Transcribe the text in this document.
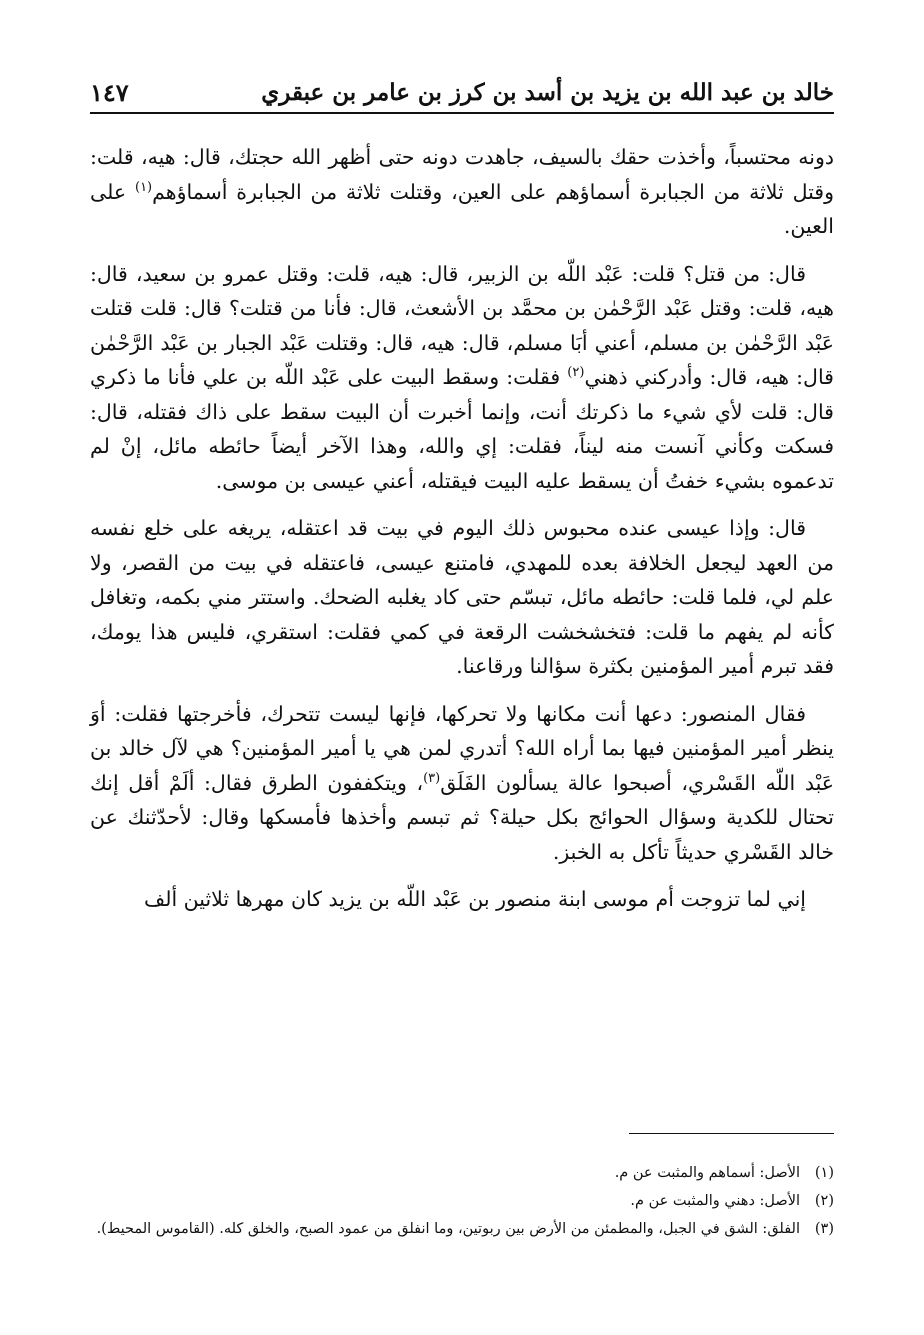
خالد بن عبد الله بن يزيد بن أسد بن كرز بن عامر بن عبقري
١٤٧

دونه محتسباً، وأخذت حقك بالسيف، جاهدت دونه حتى أظهر الله حجتك، قال: هيه، قلت: وقتل ثلاثة من الجبابرة أسماؤهم على العين، وقتلت ثلاثة من الجبابرة أسماؤهم$^{(١)}$ على العين.

قال: من قتل؟ قلت: عَبْد اللّه بن الزبير، قال: هيه، قلت: وقتل عمرو بن سعيد، قال: هيه، قلت: وقتل عَبْد الرَّحْمٰن بن محمَّد بن الأشعث، قال: فأنا من قتلت؟ قال: قلت قتلت عَبْد الرَّحْمٰن بن مسلم، أعني أبَا مسلم، قال: هيه، قال: وقتلت عَبْد الجبار بن عَبْد الرَّحْمٰن قال: هيه، قال: وأدركني ذهني$^{(٢)}$ فقلت: وسقط البيت على عَبْد اللّه بن علي فأنا ما ذكري قال: قلت لأي شيء ما ذكرتك أنت، وإنما أخبرت أن البيت سقط على ذاك فقتله، قال: فسكت وكأني آنست منه ليناً، فقلت: إي والله، وهذا الآخر أيضاً حائطه مائل، إنْ لم تدعموه بشيء خفتُ أن يسقط عليه البيت فيقتله، أعني عيسى بن موسى.

قال: وإذا عيسى عنده محبوس ذلك اليوم في بيت قد اعتقله، يريغه على خلع نفسه من العهد ليجعل الخلافة بعده للمهدي، فامتنع عيسى، فاعتقله في بيت من القصر، ولا علم لي، فلما قلت: حائطه مائل، تبسّم حتى كاد يغلبه الضحك. واستتر مني بكمه، وتغافل كأنه لم يفهم ما قلت: فتخشخشت الرقعة في كمي فقلت: استقري، فليس هذا يومك، فقد تبرم أمير المؤمنين بكثرة سؤالنا ورقاعنا.

فقال المنصور: دعها أنت مكانها ولا تحركها، فإنها ليست تتحرك، فأخرجتها فقلت: أوَ ينظر أمير المؤمنين فيها بما أراه الله؟ أتدري لمن هي يا أمير المؤمنين؟ هي لآل خالد بن عَبْد اللّه القَسْري، أصبحوا عالة يسألون الفَلَق$^{(٣)}$، ويتكففون الطرق فقال: ألَمْ أقل إنك تحتال للكدية وسؤال الحوائج بكل حيلة؟ ثم تبسم وأخذها فأمسكها وقال: لأحدّثنك عن خالد القَسْري حديثاً تأكل به الخبز.

إني لما تزوجت أم موسى ابنة منصور بن عَبْد اللّه بن يزيد كان مهرها ثلاثين ألف

(١)
الأصل: أسماهم والمثبت عن م.
(٢)
الأصل: دهني والمثبت عن م.
(٣)
الفلق: الشق في الجبل، والمطمئن من الأرض بين ربوتين، وما انفلق من عمود الصبح، والخلق كله. (القاموس المحيط).
